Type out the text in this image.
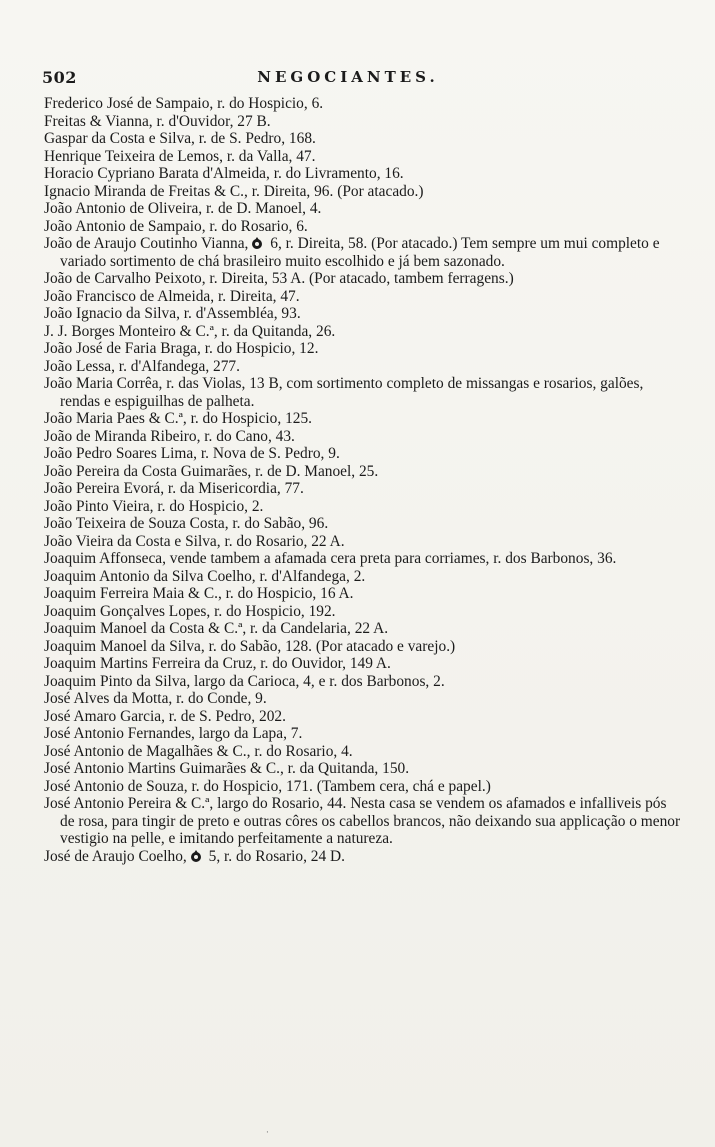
502	NEGOCIANTES.

Frederico José de Sampaio, r. do Hospicio, 6.

Freitas & Vianna, r. d'Ouvidor, 27 B.

Gaspar da Costa e Silva, r. de S. Pedro, 168.

Henrique Teixeira de Lemos, r. da Valla, 47.

Horacio Cypriano Barata d'Almeida, r. do Livramento, 16.

Ignacio Miranda de Freitas & C., r. Direita, 96. (Por atacado.)

João Antonio de Oliveira, r. de D. Manoel, 4.

João Antonio de Sampaio, r. do Rosario, 6.

João de Araujo Coutinho Vianna, 6, r. Direita, 58. (Por atacado.) Tem sempre um mui completo e variado sortimento de chá brasileiro muito escolhido e já bem sazonado.

João de Carvalho Peixoto, r. Direita, 53 A. (Por atacado, tambem ferragens.)

João Francisco de Almeida, r. Direita, 47.

João Ignacio da Silva, r. d'Assembléa, 93.

J. J. Borges Monteiro & C.ª, r. da Quitanda, 26.

João José de Faria Braga, r. do Hospicio, 12.

João Lessa, r. d'Alfandega, 277.

João Maria Corrêa, r. das Violas, 13 B, com sortimento completo de missangas e rosarios, galões, rendas e espiguilhas de palheta.

João Maria Paes & C.ª, r. do Hospicio, 125.

João de Miranda Ribeiro, r. do Cano, 43.

João Pedro Soares Lima, r. Nova de S. Pedro, 9.

João Pereira da Costa Guimarães, r. de D. Manoel, 25.

João Pereira Evorá, r. da Misericordia, 77.

João Pinto Vieira, r. do Hospicio, 2.

João Teixeira de Souza Costa, r. do Sabão, 96.

João Vieira da Costa e Silva, r. do Rosario, 22 A.

Joaquim Affonseca, vende tambem a afamada cera preta para corriames, r. dos Barbonos, 36.

Joaquim Antonio da Silva Coelho, r. d'Alfandega, 2.

Joaquim Ferreira Maia & C., r. do Hospicio, 16 A.

Joaquim Gonçalves Lopes, r. do Hospicio, 192.

Joaquim Manoel da Costa & C.ª, r. da Candelaria, 22 A.

Joaquim Manoel da Silva, r. do Sabão, 128. (Por atacado e varejo.)

Joaquim Martins Ferreira da Cruz, r. do Ouvidor, 149 A.

Joaquim Pinto da Silva, largo da Carioca, 4, e r. dos Barbonos, 2.

José Alves da Motta, r. do Conde, 9.

José Amaro Garcia, r. de S. Pedro, 202.

José Antonio Fernandes, largo da Lapa, 7.

José Antonio de Magalhães & C., r. do Rosario, 4.

José Antonio Martins Guimarães & C., r. da Quitanda, 150.

José Antonio de Souza, r. do Hospicio, 171. (Tambem cera, chá e papel.)

José Antonio Pereira & C.ª, largo do Rosario, 44. Nesta casa se vendem os afamados e infalliveis pós de rosa, para tingir de preto e outras côres os cabellos brancos, não deixando sua applicação o menor vestigio na pelle, e imitando perfeitamente a natureza.

José de Araujo Coelho, 5, r. do Rosario, 24 D.

·
